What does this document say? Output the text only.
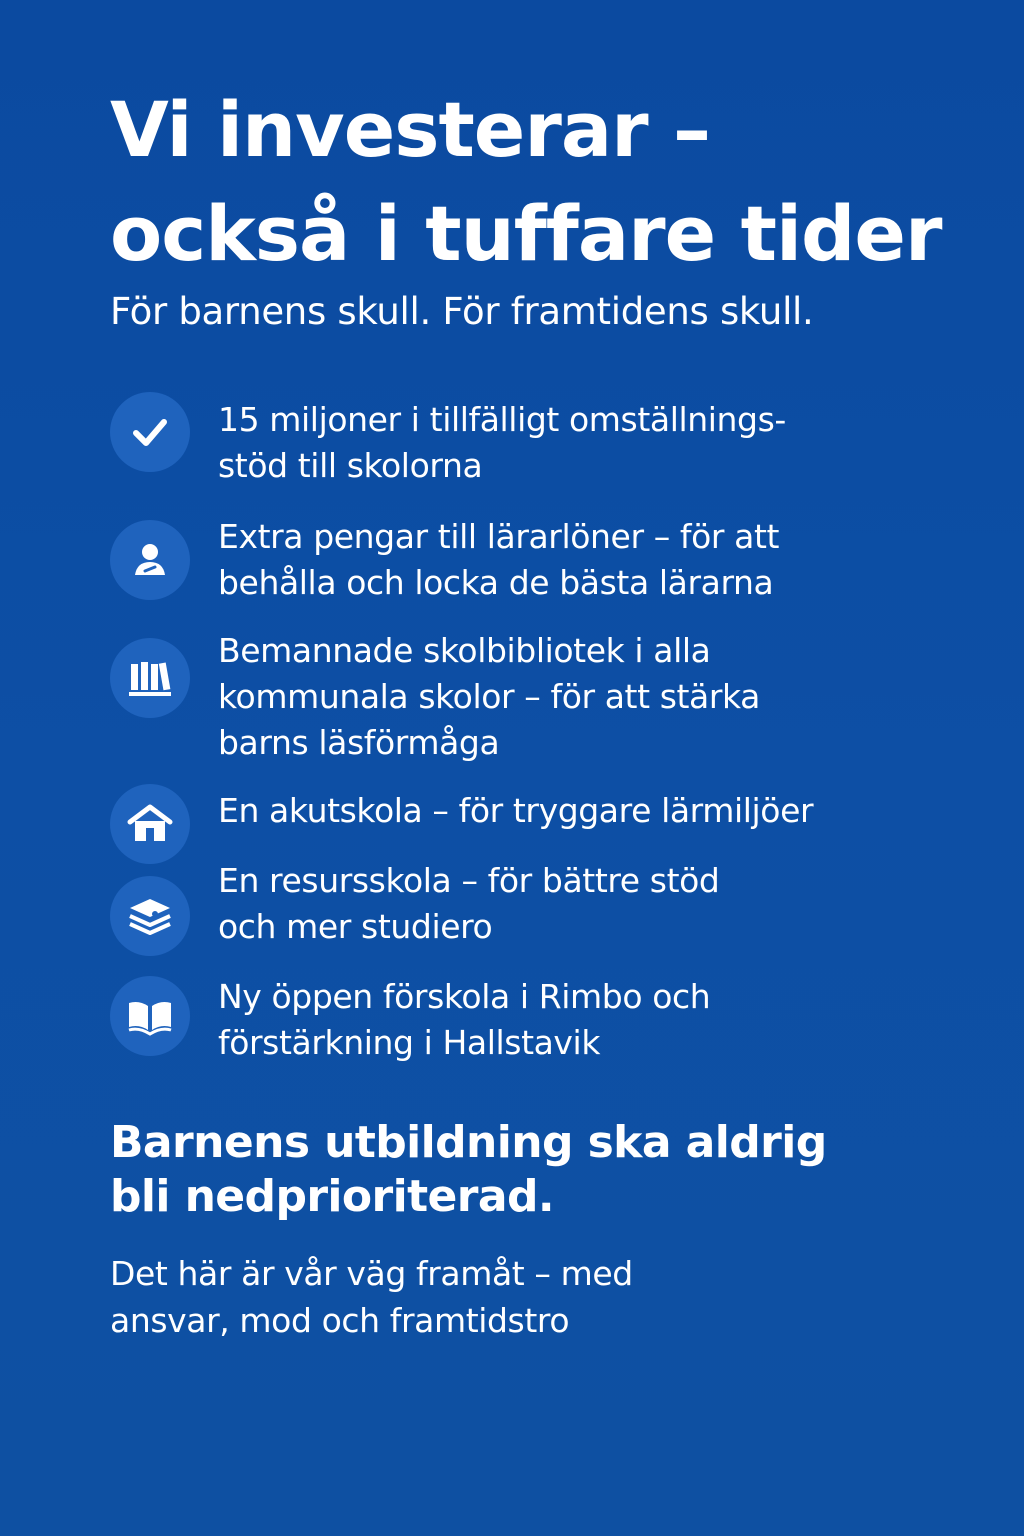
Vi investerar –
också i tuffare tider

För barnens skull. För framtidens skull.

15 miljoner i tillfälligt omställnings-
stöd till skolorna
Extra pengar till lärarlöner – för att
behålla och locka de bästa lärarna
Bemannade skolbibliotek i alla
kommunala skolor – för att stärka
barns läsförmåga
En akutskola – för tryggare lärmiljöer
En resursskola – för bättre stöd
och mer studiero
Ny öppen förskola i Rimbo och
förstärkning i Hallstavik
Barnens utbildning ska aldrig
bli nedprioriterad.

Det här är vår väg framåt – med
ansvar, mod och framtidstro
